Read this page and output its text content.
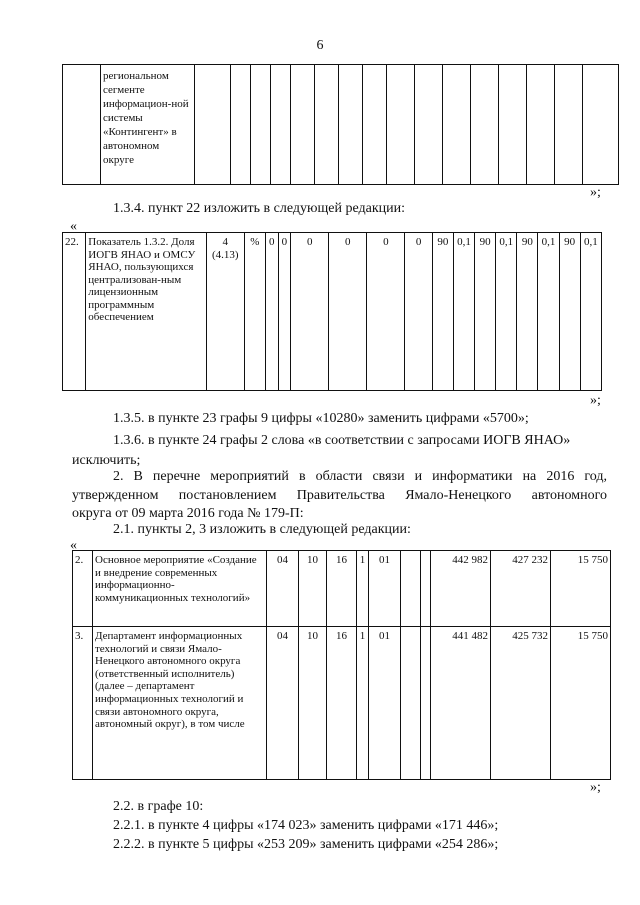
6
	региональном сегменте информацион-ной системы «Контингент» в автономном округе																
»;
1.3.4. пункт 22 изложить в следующей редакции:
«
22.	Показатель 1.3.2. Доля ИОГВ ЯНАО и ОМСУ ЯНАО, пользующихся централизован-ным лицензионным программным обеспечением	4 (4.13)	%	0	0	0	0	0	0	90	0,1	90	0,1	90	0,1	90	0,1
»;
1.3.5. в пункте 23 графы 9 цифры «10280» заменить цифрами «5700»;
1.3.6. в пункте 24 графы 2 слова «в соответствии с запросами ИОГВ ЯНАО»
исключить;
2. В перечне мероприятий в области связи и информатики на 2016 год,
утвержденном постановлением Правительства Ямало-Ненецкого автономного
округа от 09 марта 2016 года № 179-П:
2.1. пункты 2, 3 изложить в следующей редакции:
«
2.	Основное мероприятие «Создание и внедрение современных информационно-коммуникационных технологий»	04	10	16	1	01			442 982	427 232	15 750
3.	Департамент информационных технологий и связи Ямало-Ненецкого автономного округа (ответственный исполнитель) (далее – департамент информационных технологий и связи автономного округа, автономный округ), в том числе	04	10	16	1	01			441 482	425 732	15 750
»;
2.2. в графе 10:
2.2.1. в пункте 4 цифры «174 023» заменить цифрами «171 446»;
2.2.2. в пункте 5 цифры «253 209» заменить цифрами «254 286»;
